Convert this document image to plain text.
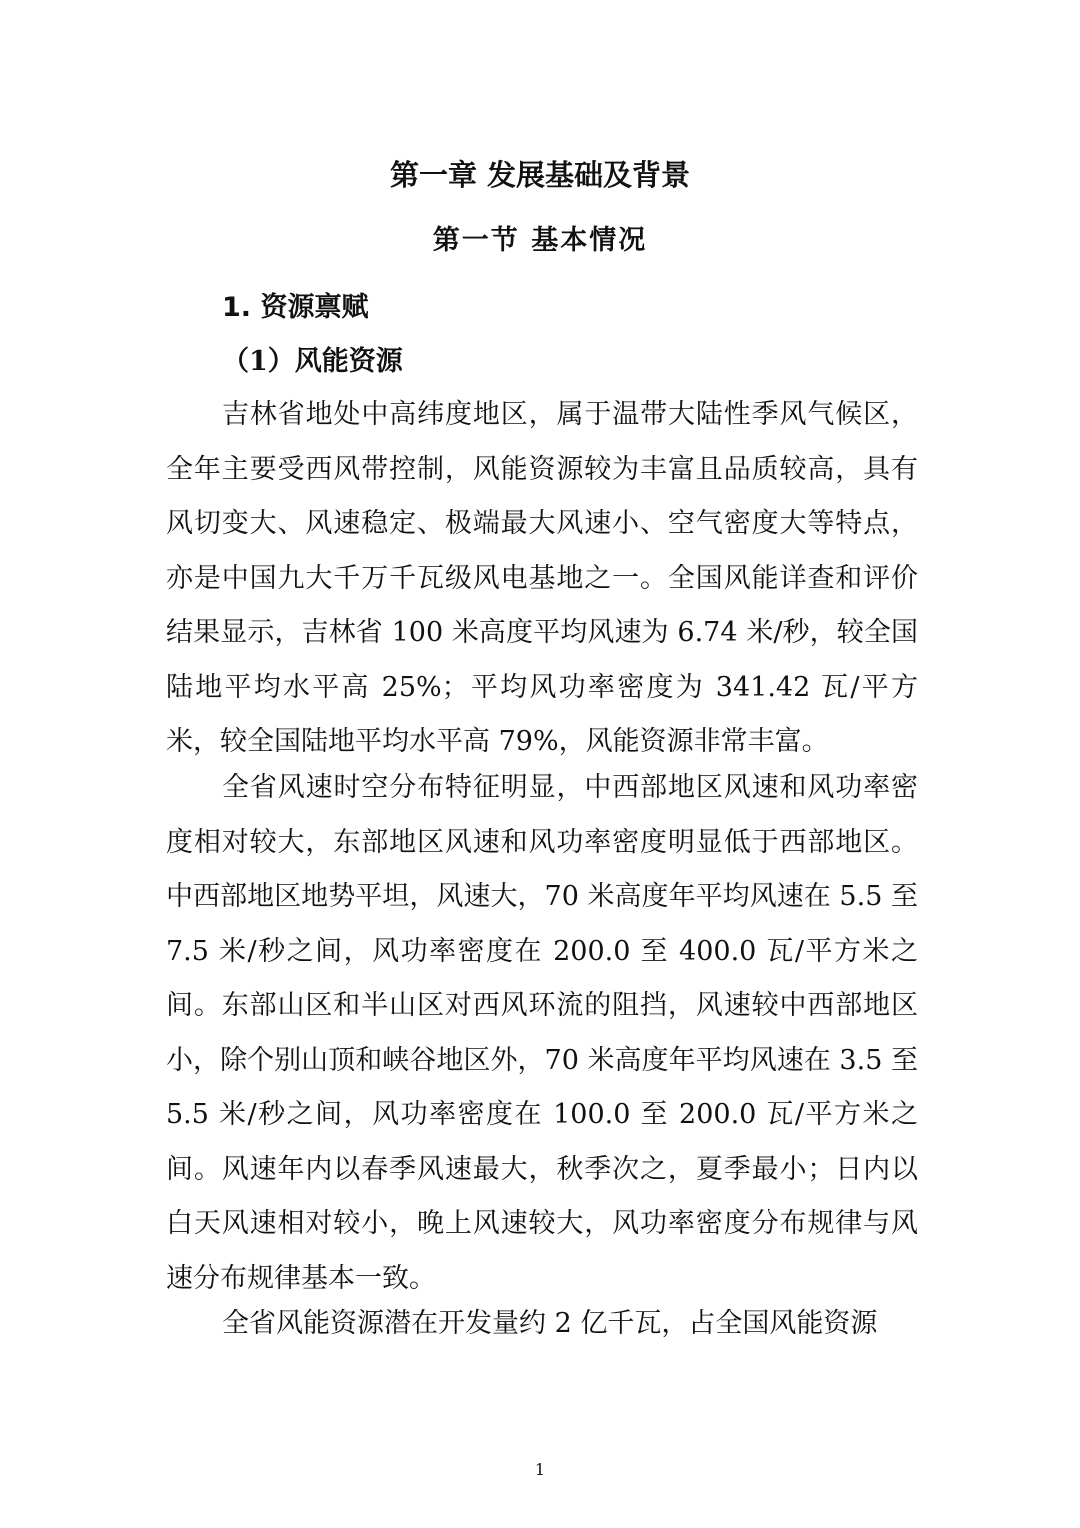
第一章 发展基础及背景
第一节 基本情况
1. 资源禀赋
（1）风能资源

吉林省地处中高纬度地区，属于温带大陆性季风气候区，全年主要受西风带控制，风能资源较为丰富且品质较高，具有风切变大、风速稳定、极端最大风速小、空气密度大等特点，亦是中国九大千万千瓦级风电基地之一。全国风能详查和评价结果显示，吉林省 100 米高度平均风速为 6.74 米/秒，较全国陆地平均水平高 25%；平均风功率密度为 341.42 瓦/平方米，较全国陆地平均水平高 79%，风能资源非常丰富。

全省风速时空分布特征明显，中西部地区风速和风功率密度相对较大，东部地区风速和风功率密度明显低于西部地区。中西部地区地势平坦，风速大，70 米高度年平均风速在 5.5 至 7.5 米/秒之间，风功率密度在 200.0 至 400.0 瓦/平方米之间。东部山区和半山区对西风环流的阻挡，风速较中西部地区小，除个别山顶和峡谷地区外，70 米高度年平均风速在 3.5 至 5.5 米/秒之间，风功率密度在 100.0 至 200.0 瓦/平方米之间。风速年内以春季风速最大，秋季次之，夏季最小；日内以白天风速相对较小，晚上风速较大，风功率密度分布规律与风速分布规律基本一致。

全省风能资源潜在开发量约 2 亿千瓦，占全国风能资源

1
